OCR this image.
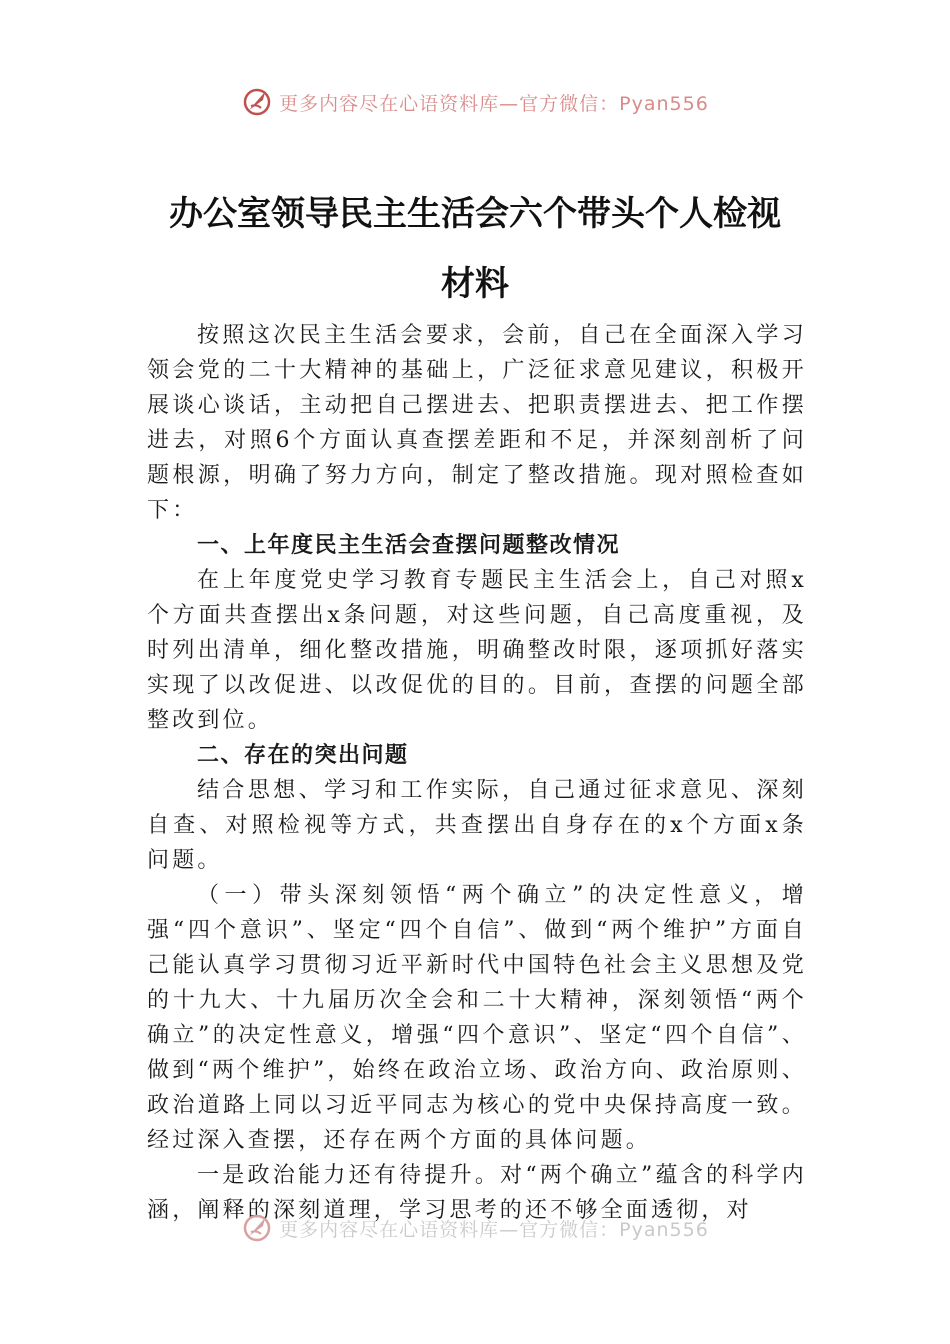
更多内容尽在心语资料库—官方微信：Pyan556
办公室领导民主生活会六个带头个人检视
材料

按照这次民主生活会要求，会前，自己在全面深入学习领会党的二十大精神的基础上，广泛征求意见建议，积极开展谈心谈话，主动把自己摆进去、把职责摆进去、把工作摆进去，对照6个方面认真查摆差距和不足，并深刻剖析了问题根源，明确了努力方向，制定了整改措施。现对照检查如下：

一、上年度民主生活会查摆问题整改情况

在上年度党史学习教育专题民主生活会上，自己对照x个方面共查摆出x条问题，对这些问题，自己高度重视，及时列出清单，细化整改措施，明确整改时限，逐项抓好落实实现了以改促进、以改促优的目的。目前，查摆的问题全部整改到位。

二、存在的突出问题

结合思想、学习和工作实际，自己通过征求意见、深刻自查、对照检视等方式，共查摆出自身存在的x个方面x条问题。

（一）带头深刻领悟“两个确立”的决定性意义，增强“四个意识”、坚定“四个自信”、做到“两个维护”方面自己能认真学习贯彻习近平新时代中国特色社会主义思想及党的十九大、十九届历次全会和二十大精神，深刻领悟“两个确立”的决定性意义，增强“四个意识”、坚定“四个自信”、做到“两个维护”，始终在政治立场、政治方向、政治原则、政治道路上同以习近平同志为核心的党中央保持高度一致。经过深入查摆，还存在两个方面的具体问题。

一是政治能力还有待提升。对“两个确立”蕴含的科学内涵，阐释的深刻道理，学习思考的还不够全面透彻，对

更多内容尽在心语资料库—官方微信：Pyan556
